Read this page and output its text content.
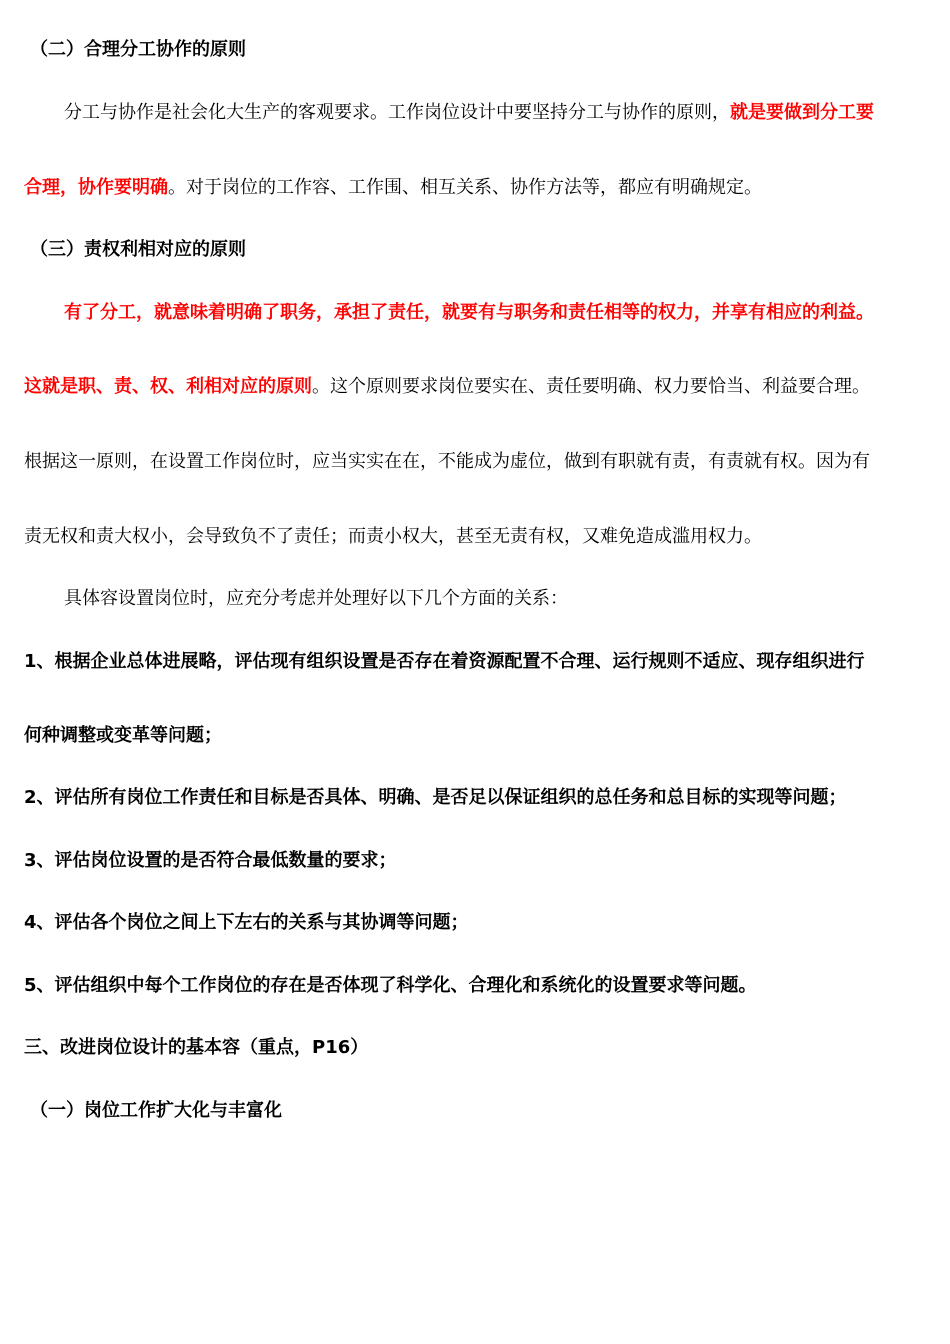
（二）合理分工协作的原则
分工与协作是社会化大生产的客观要求。工作岗位设计中要坚持分工与协作的原则，就是要做到分工要
合理，协作要明确。对于岗位的工作容、工作围、相互关系、协作方法等，都应有明确规定。
（三）责权利相对应的原则
有了分工，就意味着明确了职务，承担了责任，就要有与职务和责任相等的权力，并享有相应的利益。
这就是职、责、权、利相对应的原则。这个原则要求岗位要实在、责任要明确、权力要恰当、利益要合理。
根据这一原则，在设置工作岗位时，应当实实在在，不能成为虚位，做到有职就有责，有责就有权。因为有
责无权和责大权小，会导致负不了责任；而责小权大，甚至无责有权，又难免造成滥用权力。
具体容设置岗位时，应充分考虑并处理好以下几个方面的关系：
1、根据企业总体进展略，评估现有组织设置是否存在着资源配置不合理、运行规则不适应、现存组织进行
何种调整或变革等问题；
2、评估所有岗位工作责任和目标是否具体、明确、是否足以保证组织的总任务和总目标的实现等问题；
3、评估岗位设置的是否符合最低数量的要求；
4、评估各个岗位之间上下左右的关系与其协调等问题；
5、评估组织中每个工作岗位的存在是否体现了科学化、合理化和系统化的设置要求等问题。
三、改进岗位设计的基本容（重点，P16）
（一）岗位工作扩大化与丰富化
